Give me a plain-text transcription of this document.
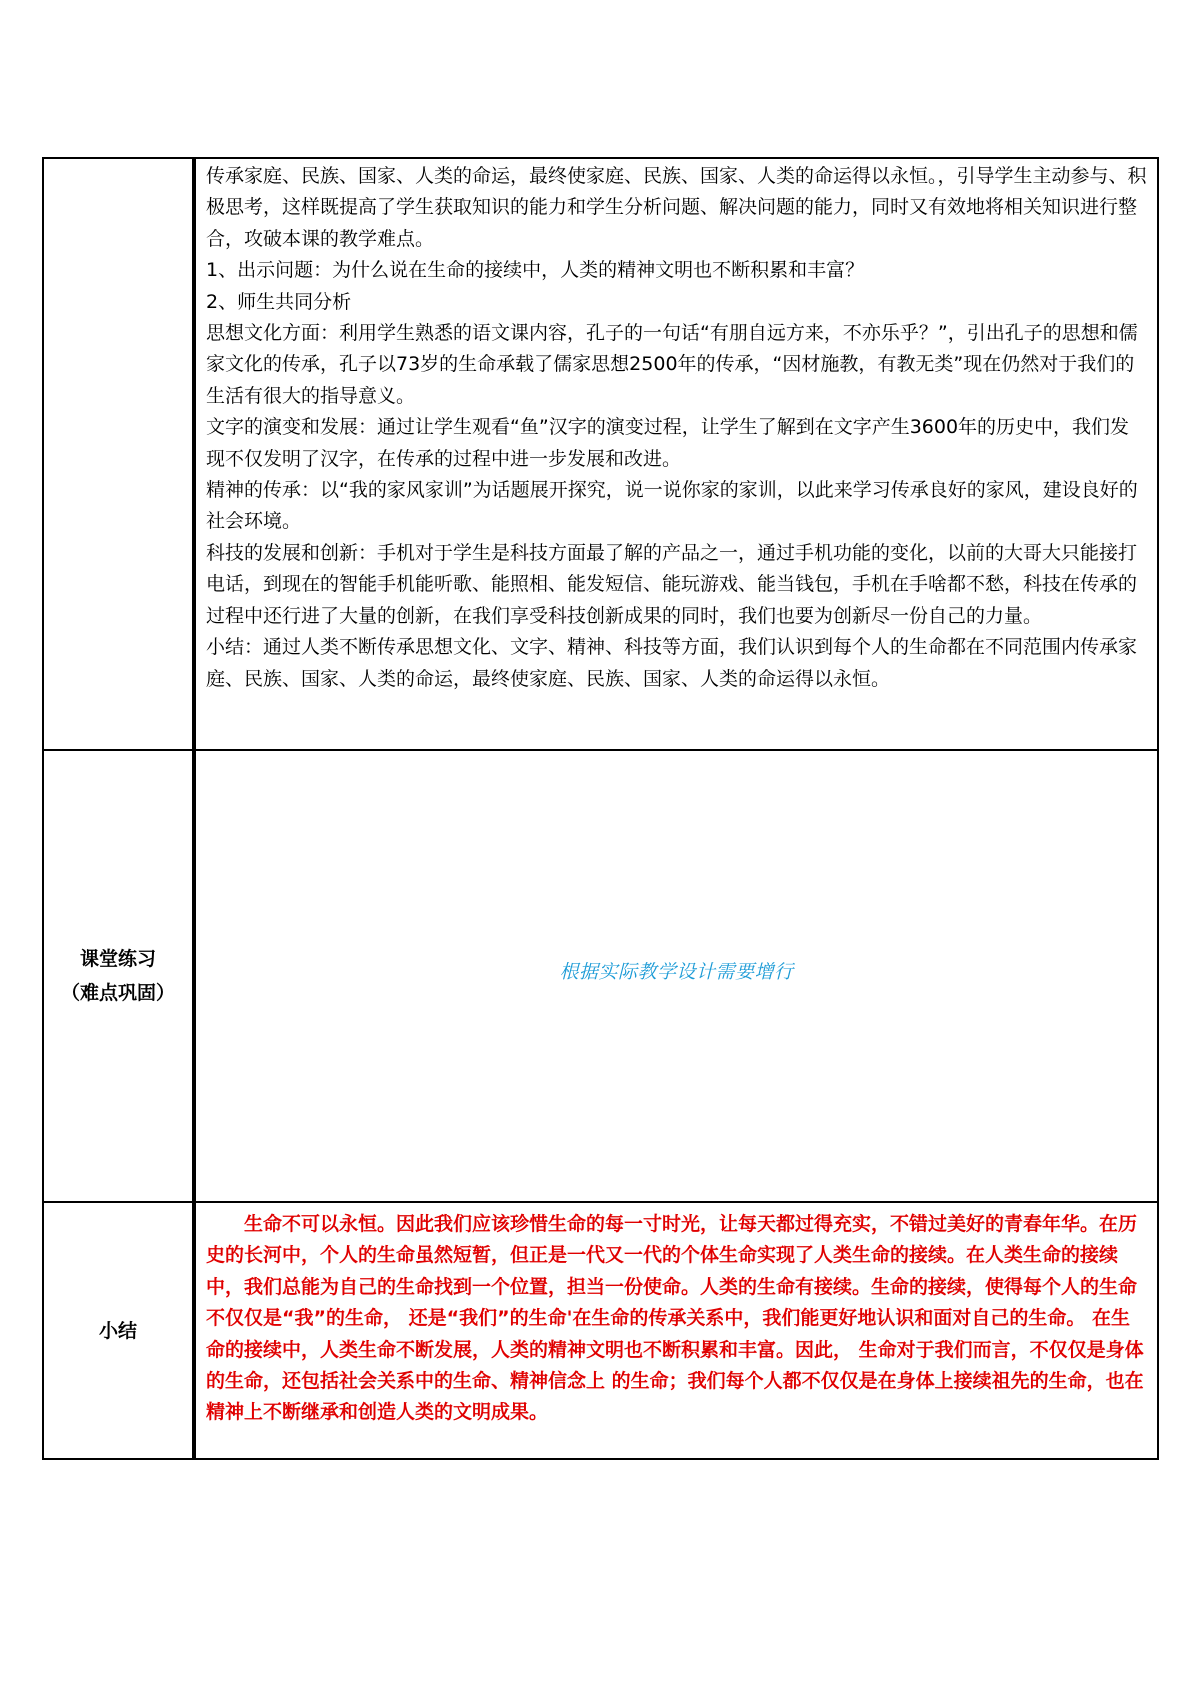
传承家庭、民族、国家、人类的命运，最终使家庭、民族、国家、人类的命运得以永恒。，引导学生主动参与、积极思考，这样既提高了学生获取知识的能力和学生分析问题、解决问题的能力，同时又有效地将相关知识进行整合，攻破本课的教学难点。

1、出示问题：为什么说在生命的接续中，人类的精神文明也不断积累和丰富？

2、师生共同分析

思想文化方面：利用学生熟悉的语文课内容，孔子的一句话“有朋自远方来，不亦乐乎？”，引出孔子的思想和儒家文化的传承，孔子以73岁的生命承载了儒家思想2500年的传承，“因材施教，有教无类”现在仍然对于我们的生活有很大的指导意义。

文字的演变和发展：通过让学生观看“鱼”汉字的演变过程，让学生了解到在文字产生3600年的历史中，我们发现不仅发明了汉字，在传承的过程中进一步发展和改进。

精神的传承：以“我的家风家训”为话题展开探究，说一说你家的家训，以此来学习传承良好的家风，建设良好的社会环境。

科技的发展和创新：手机对于学生是科技方面最了解的产品之一，通过手机功能的变化，以前的大哥大只能接打电话，到现在的智能手机能听歌、能照相、能发短信、能玩游戏、能当钱包，手机在手啥都不愁，科技在传承的过程中还行进了大量的创新，在我们享受科技创新成果的同时，我们也要为创新尽一份自己的力量。

小结：通过人类不断传承思想文化、文字、精神、科技等方面，我们认识到每个人的生命都在不同范围内传承家庭、民族、国家、人类的命运，最终使家庭、民族、国家、人类的命运得以永恒。

课堂练习
（难点巩固）
根据实际教学设计需要增行
小结

生命不可以永恒。因此我们应该珍惜生命的每一寸时光，让每天都过得充实，不错过美好的青春年华。在历史的长河中，个人的生命虽然短暂，但正是一代又一代的个体生命实现了人类生命的接续。在人类生命的接续中，我们总能为自己的生命找到一个位置，担当一份使命。人类的生命有接续。生命的接续，使得每个人的生命不仅仅是“我”的生命， 还是“我们”的生命'在生命的传承关系中，我们能更好地认识和面对自己的生命。 在生命的接续中，人类生命不断发展，人类的精神文明也不断积累和丰富。因此， 生命对于我们而言，不仅仅是身体的生命，还包括社会关系中的生命、精神信念上 的生命；我们每个人都不仅仅是在身体上接续祖先的生命，也在精神上不断继承和创造人类的文明成果。
